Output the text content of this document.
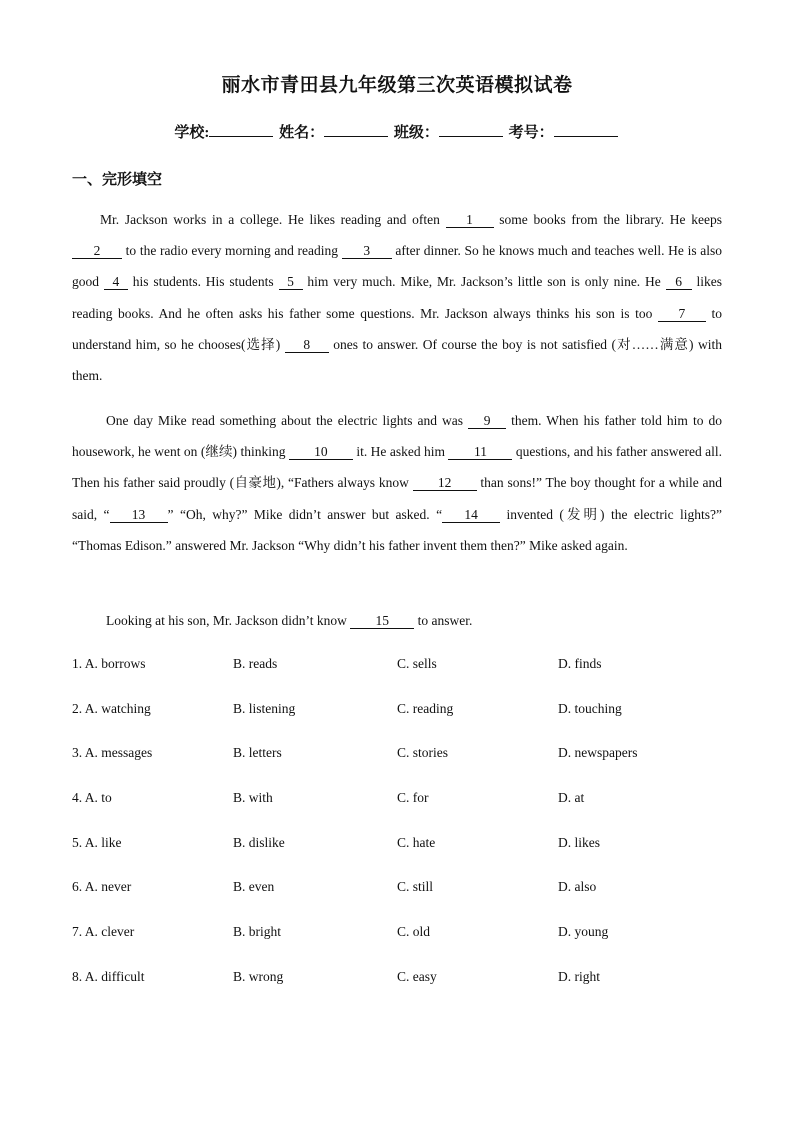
丽水市青田县九年级第三次英语模拟试卷
学校:	姓名：	班级：	考号：
一、完形填空

Mr. Jackson works in a college. He likes reading and often 1 some books from the library. He keeps 2 to the radio every morning and reading 3 after dinner. So he knows much and teaches well. He is also good 4 his students. His students 5 him very much. Mike, Mr. Jackson’s little son is only nine. He 6 likes reading books. And he often asks his father some questions. Mr. Jackson always thinks his son is too 7 to understand him, so he chooses(选择) 8 ones to answer. Of course the boy is not satisfied (对……满意) with them.

One day Mike read something about the electric lights and was 9 them. When his father told him to do housework, he went on (继续) thinking 10 it. He asked him 11 questions, and his father answered all. Then his father said proudly (自豪地), “Fathers always know 12 than sons!” The boy thought for a while and said, “ 13 ” “Oh, why?” Mike didn’t answer but asked. “ 14 invented (发明) the electric lights?” “Thomas Edison.” answered Mr. Jackson “Why didn’t his father invent them then?” Mike asked again.

Looking at his son, Mr. Jackson didn’t know 15 to answer.

1. A. borrows	B. reads	C. sells	D. finds
2. A. watching	B. listening	C. reading	D. touching
3. A. messages	B. letters	C. stories	D. newspapers
4. A. to	B. with	C. for	D. at
5. A. like	B. dislike	C. hate	D. likes
6. A. never	B. even	C. still	D. also
7. A. clever	B. bright	C. old	D. young
8. A. difficult	B. wrong	C. easy	D. right
